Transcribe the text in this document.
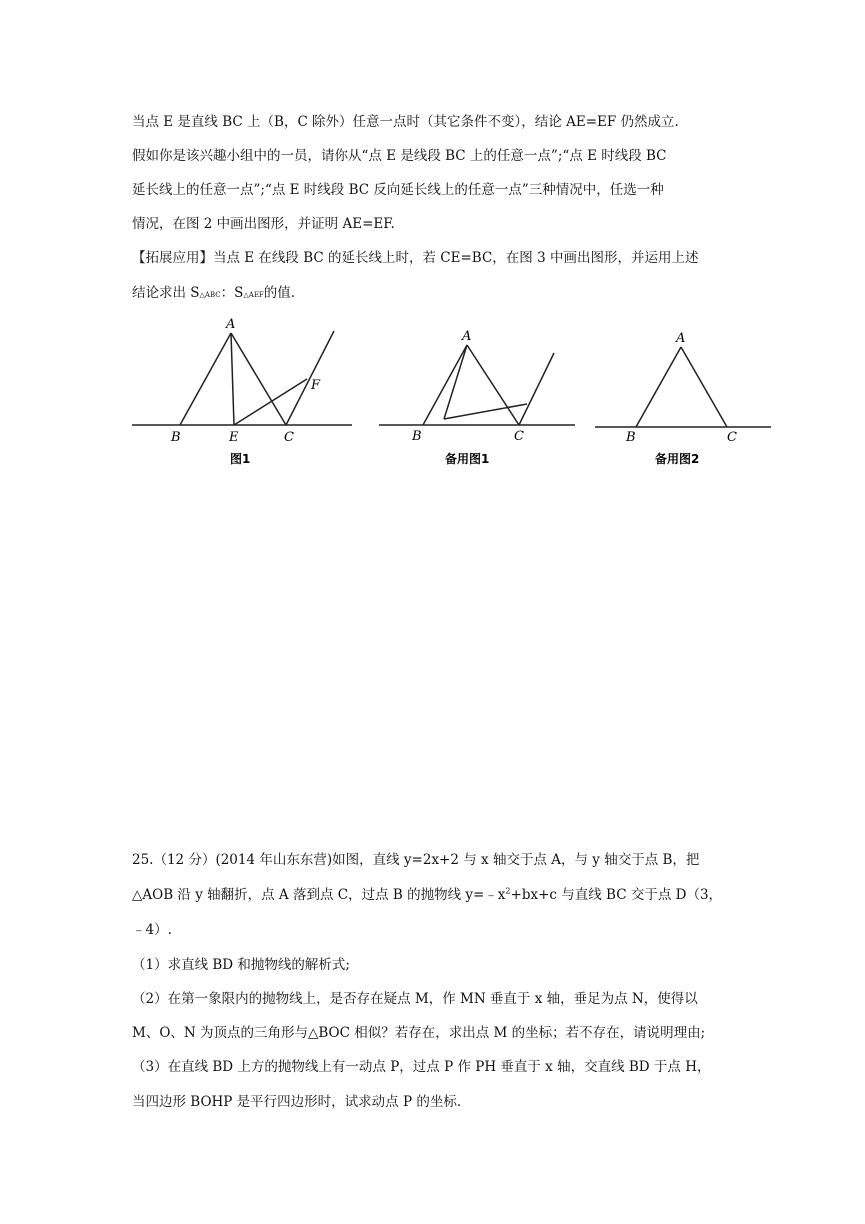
当点 E 是直线 BC 上（B，C 除外）任意一点时（其它条件不变），结论 AE=EF 仍然成立.
假如你是该兴趣小组中的一员，请你从“点 E 是线段 BC 上的任意一点”;“点 E 时线段 BC
延长线上的任意一点”;“点 E 时线段 BC 反向延长线上的任意一点”三种情况中，任选一种
情况，在图 2 中画出图形，并证明 AE=EF.
【拓展应用】当点 E 在线段 BC 的延长线上时，若 CE=BC，在图 3 中画出图形，并运用上述
结论求出 S△ABC：S△AEF的值.
A
B	E	C
F
图1
A
B	C
备用图1
A
B	C
备用图2
25.（12 分）(2014 年山东东营)如图，直线 y=2x+2 与 x 轴交于点 A，与 y 轴交于点 B，把
△AOB 沿 y 轴翻折，点 A 落到点 C，过点 B 的抛物线 $y=﹣x^2+bx+c$ 与直线 BC 交于点 D（3，
﹣4）.
（1）求直线 BD 和抛物线的解析式;
（2）在第一象限内的抛物线上，是否存在疑点 M，作 MN 垂直于 x 轴，垂足为点 N，使得以
M、O、N 为顶点的三角形与△BOC 相似？若存在，求出点 M 的坐标；若不存在，请说明理由;
（3）在直线 BD 上方的抛物线上有一动点 P，过点 P 作 PH 垂直于 x 轴，交直线 BD 于点 H，
当四边形 BOHP 是平行四边形时，试求动点 P 的坐标.
